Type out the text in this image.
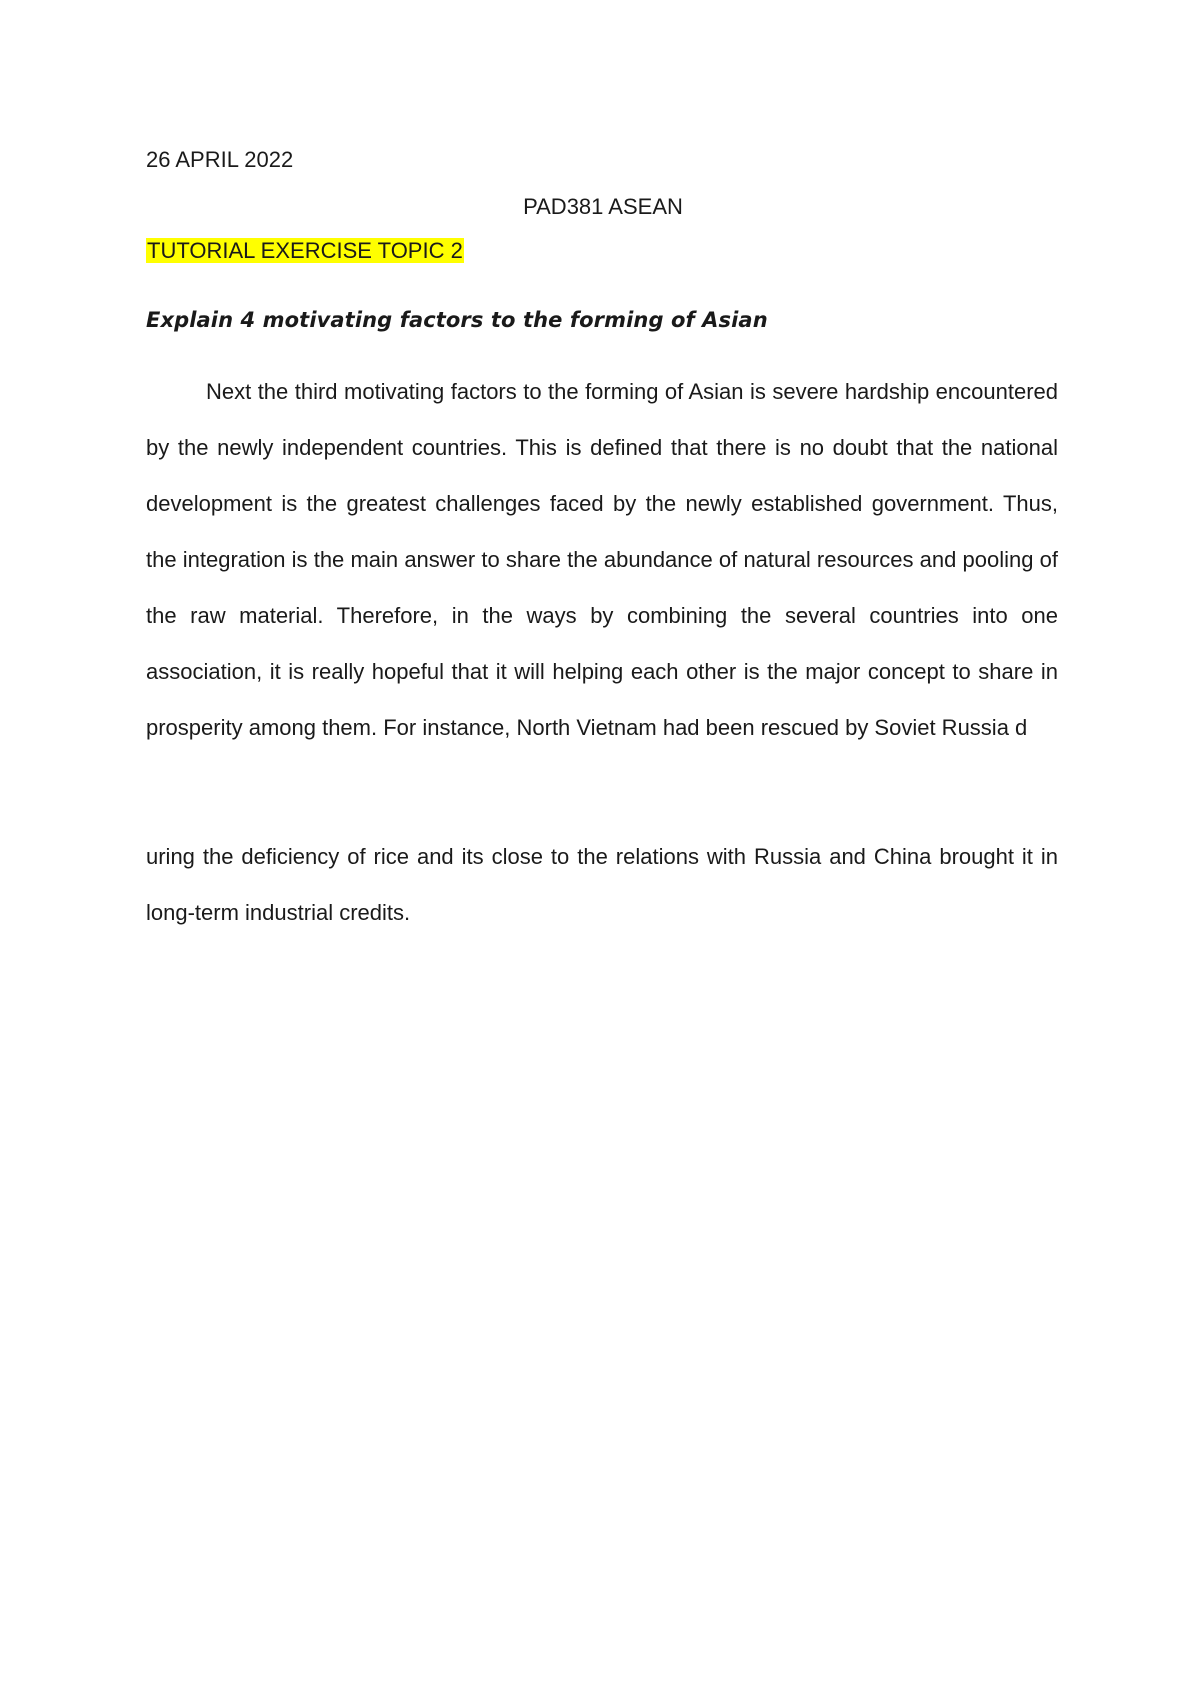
26 APRIL 2022

PAD381 ASEAN

TUTORIAL EXERCISE TOPIC 2

Explain 4 motivating factors to the forming of Asian

Next the third motivating factors to the forming of Asian is severe hardship encountered by the newly independent countries. This is defined that there is no doubt that the national development is the greatest challenges faced by the newly established government. Thus, the integration is the main answer to share the abundance of natural resources and pooling of the raw material. Therefore, in the ways by combining the several countries into one association, it is really hopeful that it will helping each other is the major concept to share in prosperity among them. For instance, North Vietnam had been rescued by Soviet Russia d

uring the deficiency of rice and its close to the relations with Russia and China brought it in long-term industrial credits.
